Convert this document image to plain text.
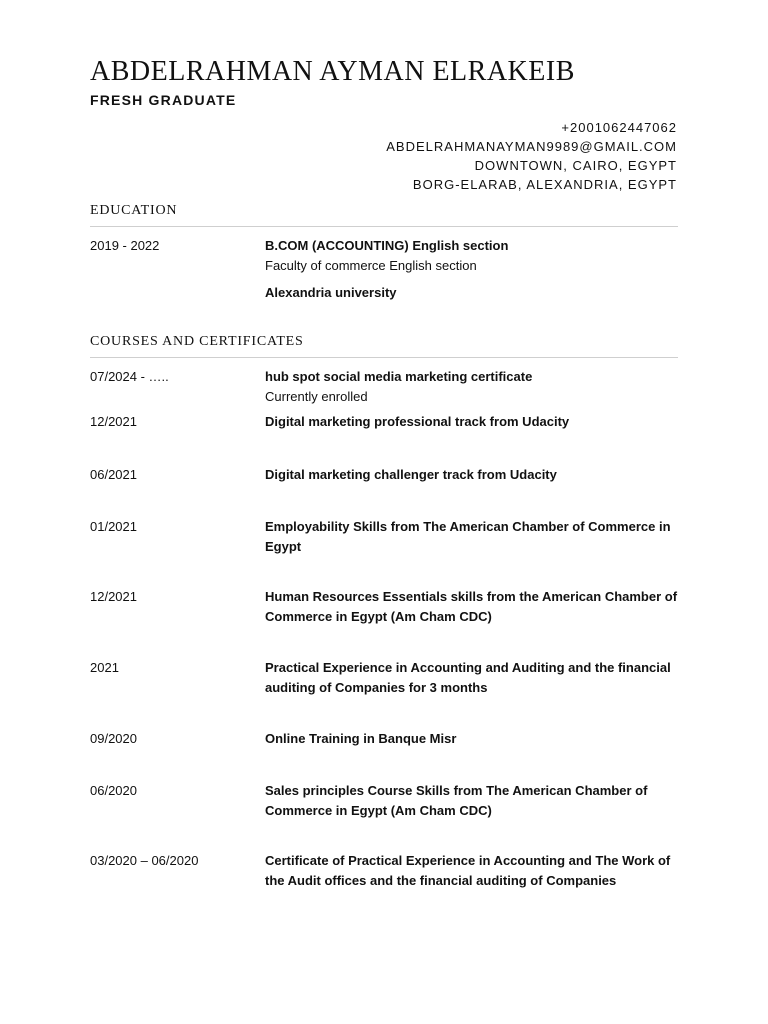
ABDELRAHMAN AYMAN ELRAKEIB
FRESH GRADUATE
+2001062447062
ABDELRAHMANAYMAN9989@GMAIL.COM
DOWNTOWN, CAIRO, EGYPT
BORG-ELARAB, ALEXANDRIA, EGYPT
EDUCATION
2019 - 2022	B.COM (ACCOUNTING) English section
Faculty of commerce English section
Alexandria university
COURSES AND CERTIFICATES
07/2024 - …..	hub spot social media marketing certificate
Currently enrolled
12/2021	Digital marketing professional track from Udacity
06/2021	Digital marketing challenger track from Udacity
01/2021	Employability Skills from The American Chamber of Commerce in Egypt
12/2021	Human Resources Essentials skills from the American Chamber of Commerce in Egypt (Am Cham CDC)
2021	Practical Experience in Accounting and Auditing and the financial auditing of Companies for 3 months
09/2020	Online Training in Banque Misr
06/2020	Sales principles Course Skills from The American Chamber of Commerce in Egypt (Am Cham CDC)
03/2020 – 06/2020	Certificate of Practical Experience in Accounting and The Work of the Audit offices and the financial auditing of Companies
